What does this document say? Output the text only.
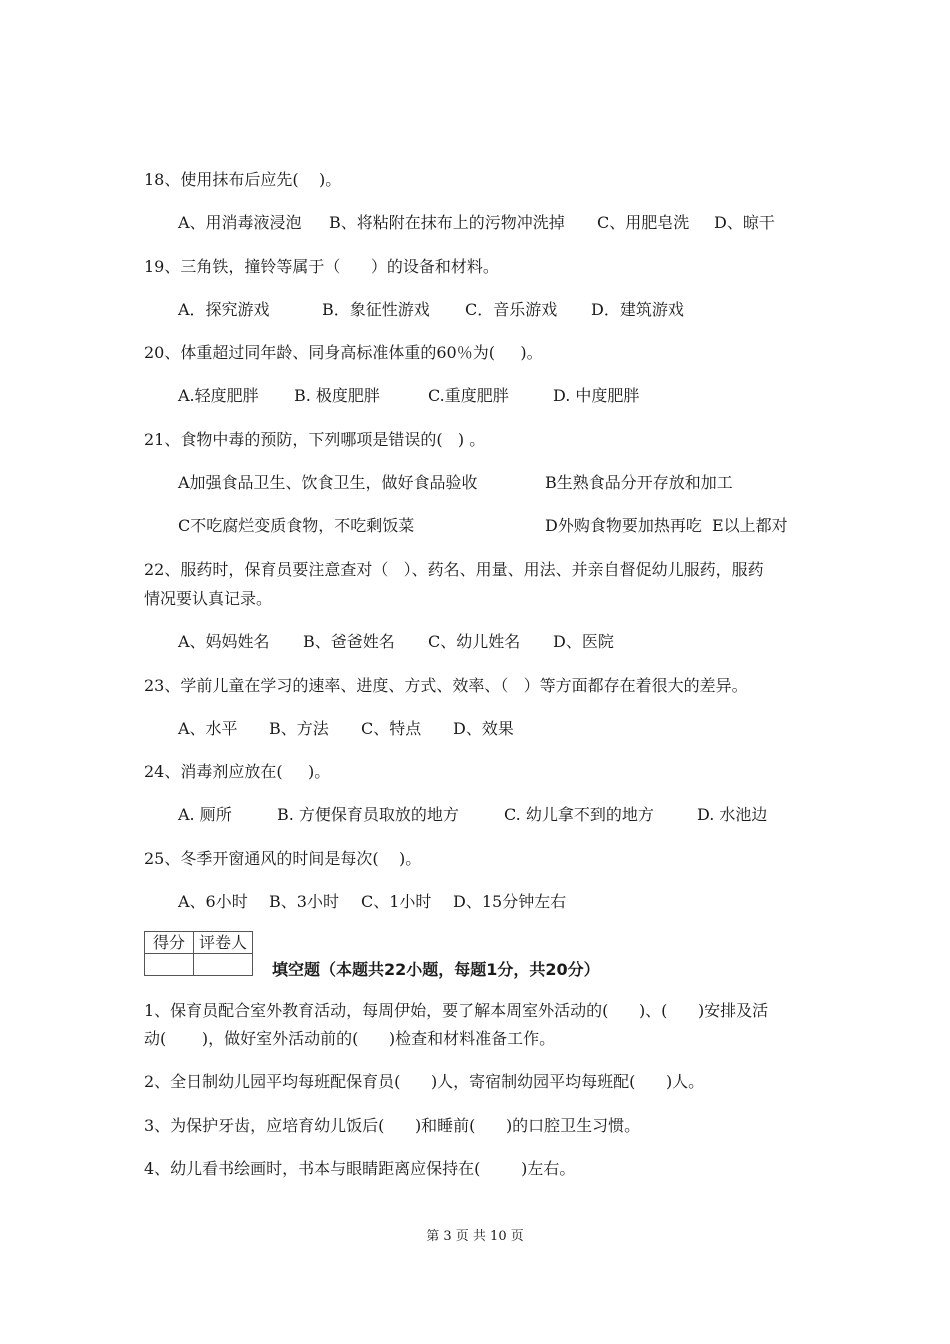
18、使用抹布后应先(    )。
A、用消毒液浸泡 B、将粘附在抹布上的污物冲洗掉 C、用肥皂洗 D、晾干
19、三角铁，撞铃等属于（      ）的设备和材料。
A．探究游戏	B．象征性游戏 C．音乐游戏 D．建筑游戏
20、体重超过同年龄、同身高标准体重的60％为(     )。
A.轻度肥胖 B. 极度肥胖	C.重度肥胖	D. 中度肥胖
21、食物中毒的预防，下列哪项是错误的(   ) 。
A加强食品卫生、饮食卫生，做好食品验收	B生熟食品分开存放和加工
C不吃腐烂变质食物，不吃剩饭菜	D外购食物要加热再吃  E以上都对
22、服药时，保育员要注意查对（   ）、药名、用量、用法、并亲自督促幼儿服药，服药
情况要认真记录。
A、妈妈姓名 B、爸爸姓名 C、幼儿姓名 D、医院
23、学前儿童在学习的速率、进度、方式、效率、（   ）等方面都存在着很大的差异。
A、水平 B、方法 C、特点 D、效果
24、消毒剂应放在(     )。
A. 厕所	B. 方便保育员取放的地方	C. 幼儿拿不到的地方	D. 水池边
25、冬季开窗通风的时间是每次(    )。
A、6小时 B、3小时 C、1小时 D、15分钟左右
得分	评卷人

填空题（本题共22小题，每题1分，共20分）
1、保育员配合室外教育活动，每周伊始，要了解本周室外活动的(      )、(      )安排及活
动(       )，做好室外活动前的(      )检查和材料准备工作。
2、全日制幼儿园平均每班配保育员(      )人，寄宿制幼园平均每班配(      )人。
3、为保护牙齿，应培育幼儿饭后(      )和睡前(      )的口腔卫生习惯。
4、幼儿看书绘画时，书本与眼睛距离应保持在(        )左右。
第 3 页 共 10 页
